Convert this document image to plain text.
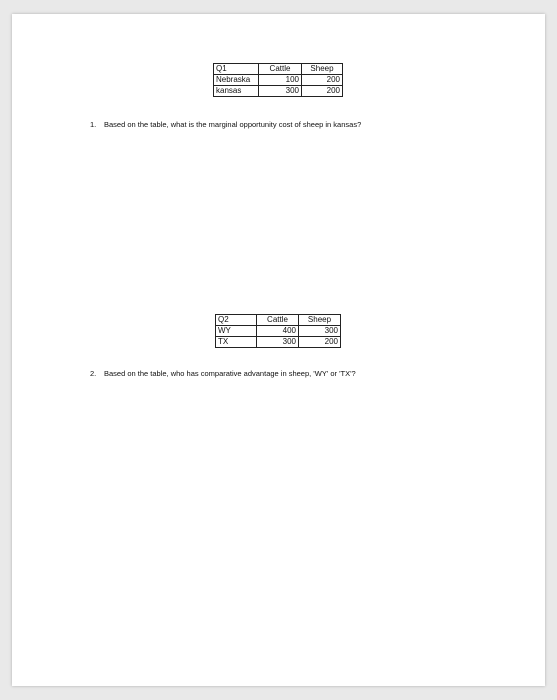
Q1	Cattle	Sheep
Nebraska	100	200
kansas	300	200
1. Based on the table, what is the marginal opportunity cost of sheep in kansas?
Q2	Cattle	Sheep
WY	400	300
TX	300	200
2. Based on the table, who has comparative advantage in sheep, 'WY' or 'TX'?
